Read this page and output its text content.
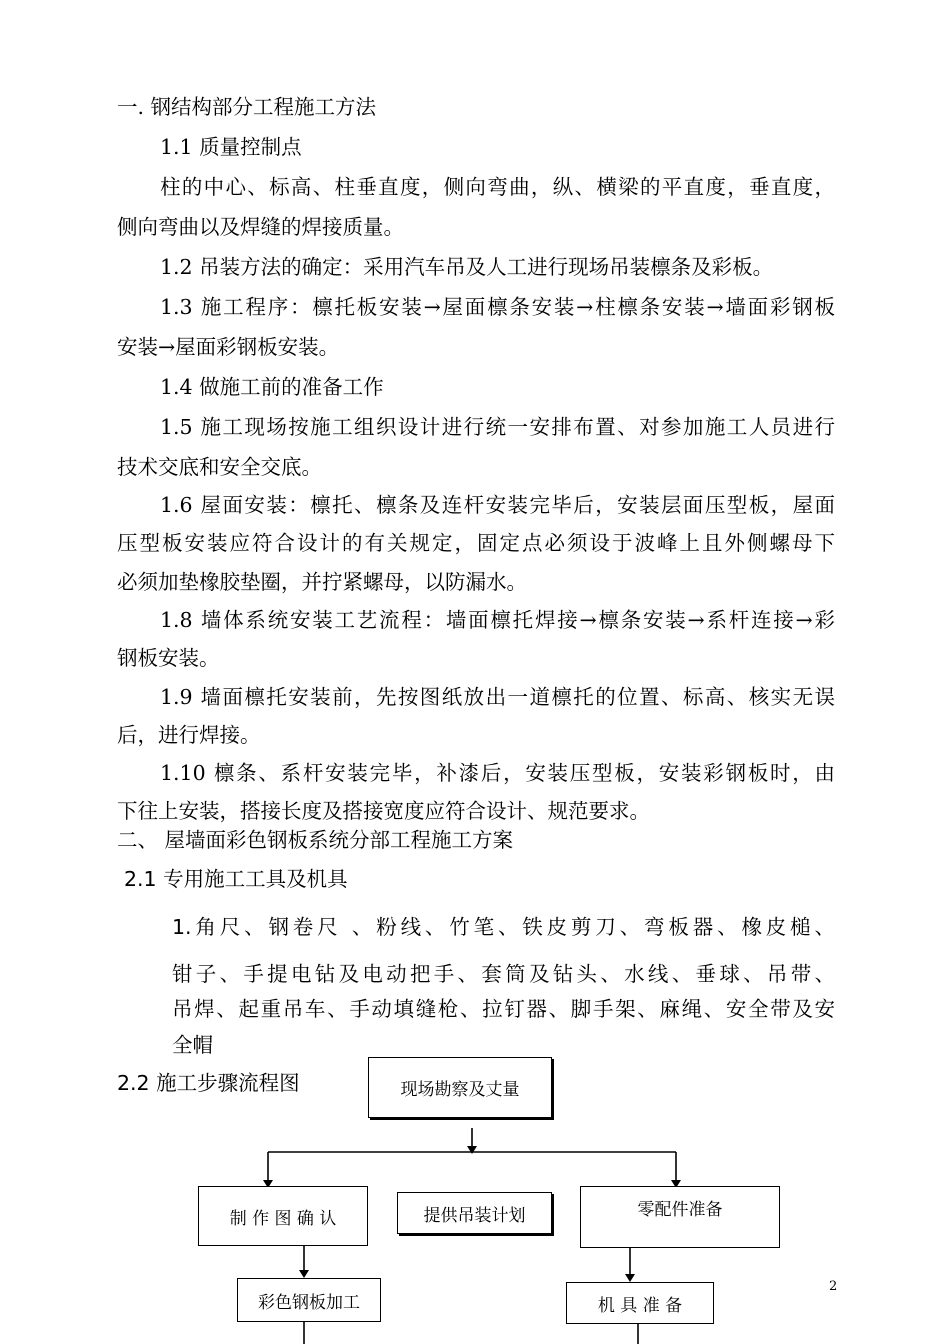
一. 钢结构部分工程施工方法
1.1 质量控制点
柱的中心、标高、柱垂直度，侧向弯曲，纵、横梁的平直度，垂直度，
侧向弯曲以及焊缝的焊接质量。
1.2 吊装方法的确定：采用汽车吊及人工进行现场吊装檩条及彩板。
1.3 施工程序：檩托板安装→屋面檩条安装→柱檩条安装→墙面彩钢板
安装→屋面彩钢板安装。
1.4 做施工前的准备工作
1.5 施工现场按施工组织设计进行统一安排布置、对参加施工人员进行
技术交底和安全交底。
1.6 屋面安装：檩托、檩条及连杆安装完毕后，安装层面压型板，屋面
压型板安装应符合设计的有关规定，固定点必须设于波峰上且外侧螺母下
必须加垫橡胶垫圈，并拧紧螺母，以防漏水。
1.8 墙体系统安装工艺流程：墙面檩托焊接→檩条安装→系杆连接→彩
钢板安装。
1.9 墙面檩托安装前，先按图纸放出一道檩托的位置、标高、核实无误
后，进行焊接。
1.10 檩条、系杆安装完毕，补漆后，安装压型板，安装彩钢板时，由
下往上安装，搭接长度及搭接宽度应符合设计、规范要求。
二、 屋墙面彩色钢板系统分部工程施工方案
2.1 专用施工工具及机具
1.角尺、钢卷尺 、粉线、竹笔、铁皮剪刀、弯板器、橡皮槌、
钳子、手提电钻及电动把手、套筒及钻头、水线、垂球、吊带、
吊焊、起重吊车、手动填缝枪、拉钉器、脚手架、麻绳、安全带及安
全帽
2.2 施工步骤流程图	现场勘察及丈量
制 作 图 确 认	提供吊装计划	零配件准备
彩色钢板加工	机 具 准 备
2
